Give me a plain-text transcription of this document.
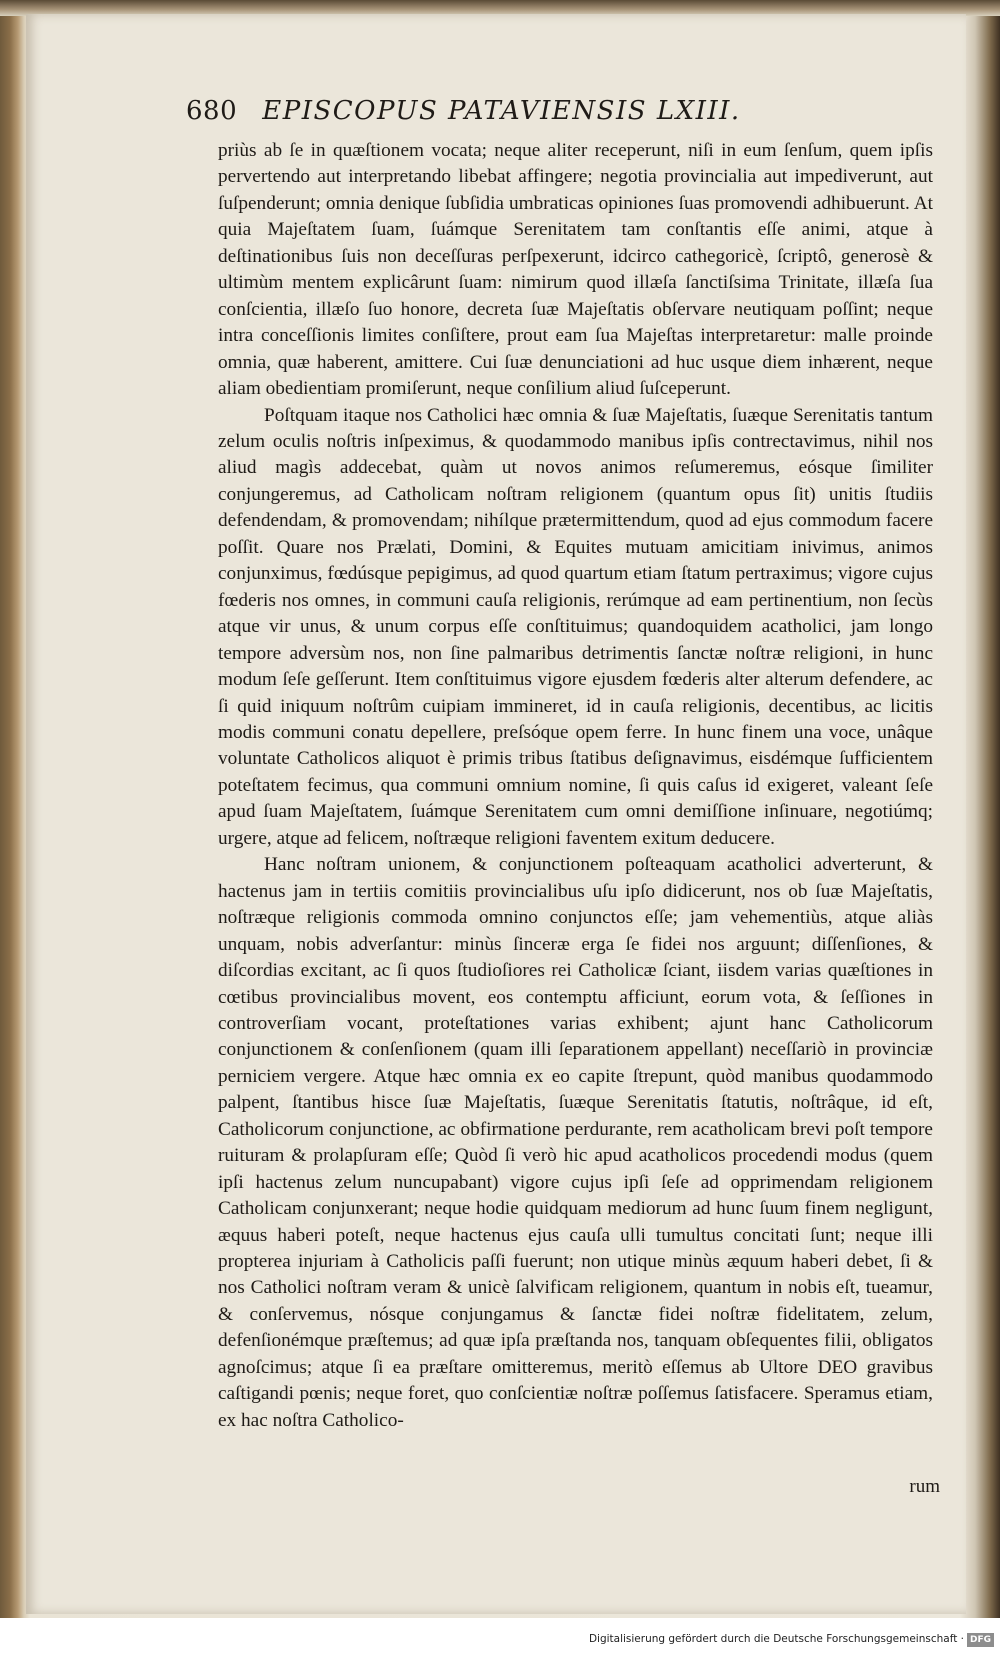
680 EPISCOPUS PATAVIENSIS LXIII.

priùs ab ſe in quæſtionem vocata; neque aliter receperunt, niſi in eum ſenſum, quem ipſis pervertendo aut interpretando libebat affingere; negotia provincialia aut impediverunt, aut ſuſpenderunt; omnia denique ſubſidia umbraticas opiniones ſuas promovendi adhibuerunt. At quia Majeſtatem ſuam, ſuámque Serenitatem tam conſtantis eſſe animi, atque à deſtinationibus ſuis non deceſſuras perſpexerunt, idcirco cathegoricè, ſcriptô, generosè & ultimùm mentem explicârunt ſuam: nimirum quod illæſa ſanctiſsima Trinitate, illæſa ſua conſcientia, illæſo ſuo honore, decreta ſuæ Majeſtatis obſervare neutiquam poſſint; neque intra conceſſionis limites conſiſtere, prout eam ſua Majeſtas interpretaretur: malle proinde omnia, quæ haberent, amittere. Cui ſuæ denunciationi ad huc usque diem inhærent, neque aliam obedientiam promiſerunt, neque conſilium aliud ſuſceperunt.

Poſtquam itaque nos Catholici hæc omnia & ſuæ Majeſtatis, ſuæque Serenitatis tantum zelum oculis noſtris inſpeximus, & quodammodo manibus ipſis contrectavimus, nihil nos aliud magìs addecebat, quàm ut novos animos reſumeremus, eósque ſimiliter conjungeremus, ad Catholicam noſtram religionem (quantum opus ſit) unitis ſtudiis defendendam, & promovendam; nihílque prætermittendum, quod ad ejus commodum facere poſſit. Quare nos Prælati, Domini, & Equites mutuam amicitiam inivimus, animos conjunximus, fœdúsque pepigimus, ad quod quartum etiam ſtatum pertraximus; vigore cujus fœderis nos omnes, in communi cauſa religionis, rerúmque ad eam pertinentium, non ſecùs atque vir unus, & unum corpus eſſe conſtituimus; quandoquidem acatholici, jam longo tempore adversùm nos, non ſine palmaribus detrimentis ſanctæ noſtræ religioni, in hunc modum ſeſe geſſerunt. Item conſtituimus vigore ejusdem fœderis alter alterum defendere, ac ſi quid iniquum noſtrûm cuipiam immineret, id in cauſa religionis, decentibus, ac licitis modis communi conatu depellere, preſsóque opem ferre. In hunc finem una voce, unâque voluntate Catholicos aliquot è primis tribus ſtatibus deſignavimus, eisdémque ſufficientem poteſtatem fecimus, qua communi omnium nomine, ſi quis caſus id exigeret, valeant ſeſe apud ſuam Majeſtatem, ſuámque Serenitatem cum omni demiſſione inſinuare, negotiúmq; urgere, atque ad felicem, noſtræque religioni faventem exitum deducere.

Hanc noſtram unionem, & conjunctionem poſteaquam acatholici adverterunt, & hactenus jam in tertiis comitiis provincialibus uſu ipſo didicerunt, nos ob ſuæ Majeſtatis, noſtræque religionis commoda omnino conjunctos eſſe; jam vehementiùs, atque aliàs unquam, nobis adverſantur: minùs ſinceræ erga ſe fidei nos arguunt; diſſenſiones, & diſcordias excitant, ac ſi quos ſtudioſiores rei Catholicæ ſciant, iisdem varias quæſtiones in cœtibus provincialibus movent, eos contemptu afficiunt, eorum vota, & ſeſſiones in controverſiam vocant, proteſtationes varias exhibent; ajunt hanc Catholicorum conjunctionem & conſenſionem (quam illi ſeparationem appellant) neceſſariò in provinciæ perniciem vergere. Atque hæc omnia ex eo capite ſtrepunt, quòd manibus quodammodo palpent, ſtantibus hisce ſuæ Majeſtatis, ſuæque Serenitatis ſtatutis, noſtrâque, id eſt, Catholicorum conjunctione, ac obfirmatione perdurante, rem acatholicam brevi poſt tempore ruituram & prolapſuram eſſe; Quòd ſi verò hic apud acatholicos procedendi modus (quem ipſi hactenus zelum nuncupabant) vigore cujus ipſi ſeſe ad opprimendam religionem Catholicam conjunxerant; neque hodie quidquam mediorum ad hunc ſuum finem negligunt, æquus haberi poteſt, neque hactenus ejus cauſa ulli tumultus concitati ſunt; neque illi propterea injuriam à Catholicis paſſi fuerunt; non utique minùs æquum haberi debet, ſi & nos Catholici noſtram veram & unicè ſalvificam religionem, quantum in nobis eſt, tueamur, & conſervemus, nósque conjungamus & ſanctæ fidei noſtræ fidelitatem, zelum, defenſionémque præſtemus; ad quæ ipſa præſtanda nos, tanquam obſequentes filii, obligatos agnoſcimus; atque ſi ea præſtare omitteremus, meritò eſſemus ab Ultore DEO gravibus caſtigandi pœnis; neque foret, quo conſcientiæ noſtræ poſſemus ſatisfacere. Speramus etiam, ex hac noſtra Catholico-

rum
Digitalisierung gefördert durch die Deutsche Forschungsgemeinschaft · DFG
